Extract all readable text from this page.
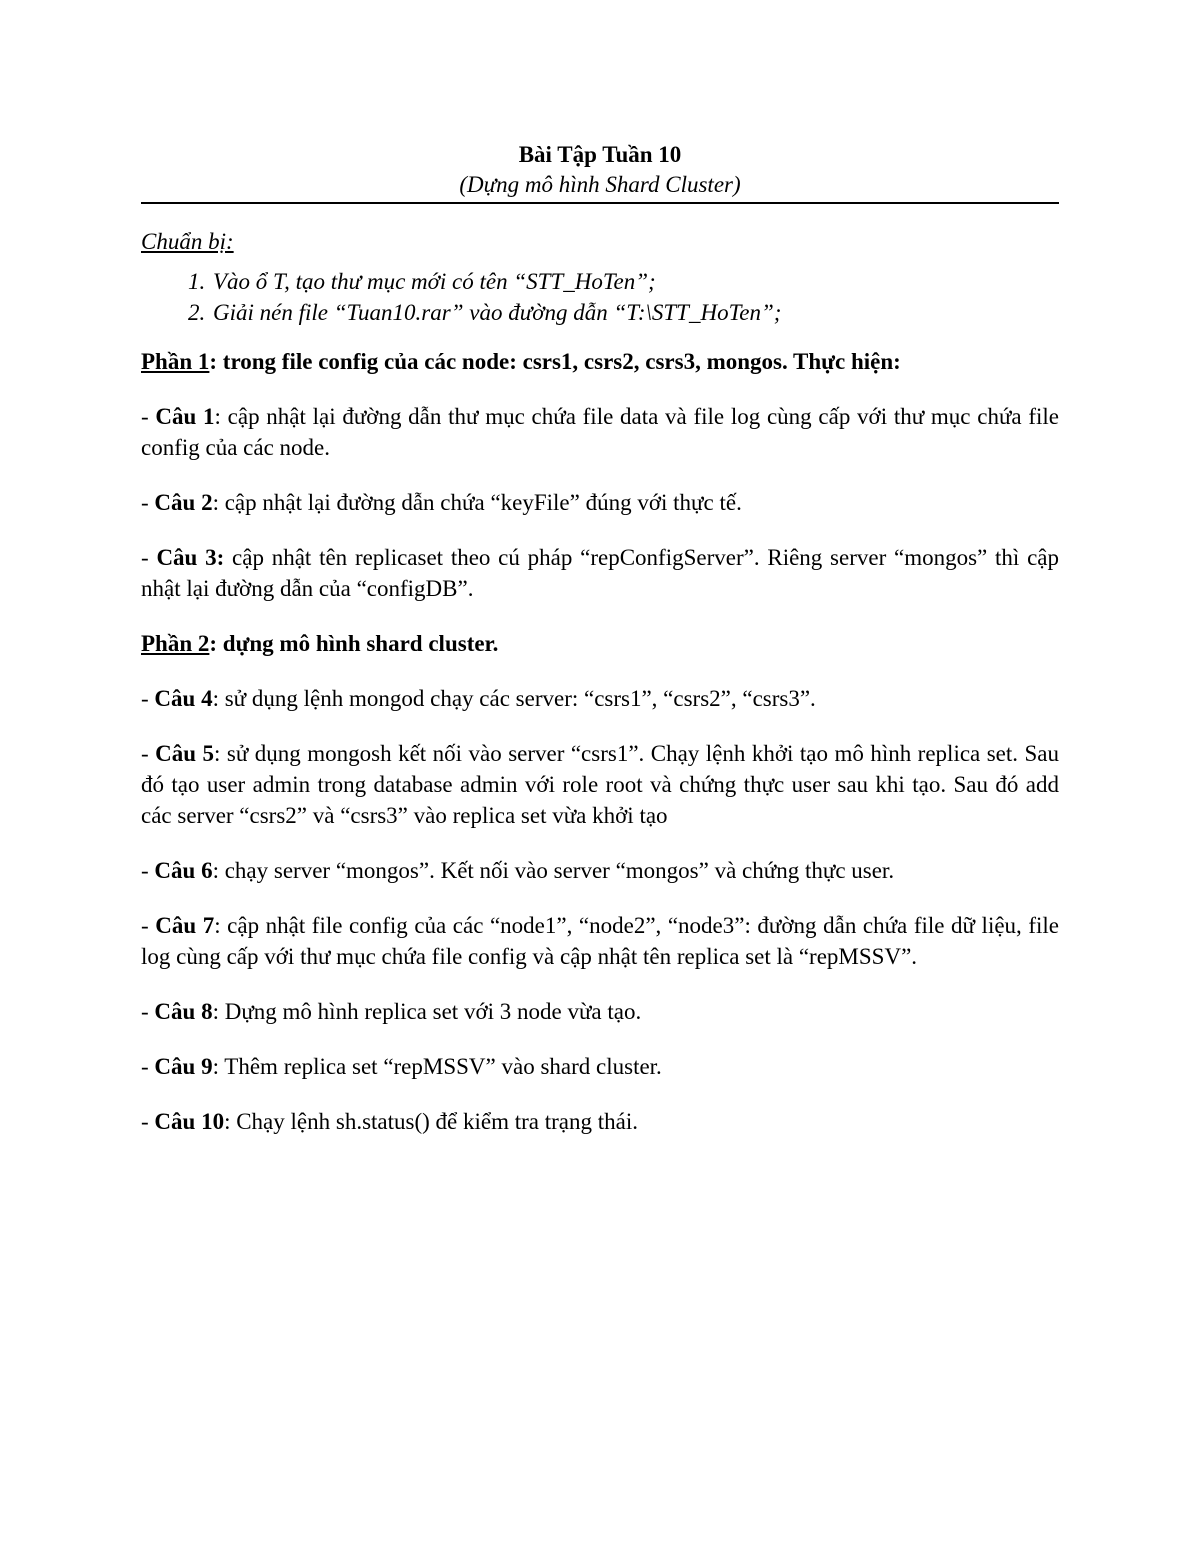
Bài Tập Tuần 10
(Dựng mô hình Shard Cluster)
Chuẩn bị:
1. Vào ổ T, tạo thư mục mới có tên “STT_HoTen”;
2. Giải nén file “Tuan10.rar” vào đường dẫn “T:\STT_HoTen”;
Phần 1: trong file config của các node: csrs1, csrs2, csrs3, mongos. Thực hiện:
- Câu 1: cập nhật lại đường dẫn thư mục chứa file data và file log cùng cấp với thư mục chứa file config của các node.
- Câu 2: cập nhật lại đường dẫn chứa “keyFile” đúng với thực tế.
- Câu 3: cập nhật tên replicaset theo cú pháp “repConfigServer”. Riêng server “mongos” thì cập nhật lại đường dẫn của “configDB”.
Phần 2: dựng mô hình shard cluster.
- Câu 4: sử dụng lệnh mongod chạy các server: “csrs1”, “csrs2”, “csrs3”.
- Câu 5: sử dụng mongosh kết nối vào server “csrs1”. Chạy lệnh khởi tạo mô hình replica set. Sau đó tạo user admin trong database admin với role root và chứng thực user sau khi tạo. Sau đó add các server “csrs2” và “csrs3” vào replica set vừa khởi tạo
- Câu 6: chạy server “mongos”. Kết nối vào server “mongos” và chứng thực user.
- Câu 7: cập nhật file config của các “node1”, “node2”, “node3”: đường dẫn chứa file dữ liệu, file log cùng cấp với thư mục chứa file config và cập nhật tên replica set là “repMSSV”.
- Câu 8: Dựng mô hình replica set với 3 node vừa tạo.
- Câu 9: Thêm replica set “repMSSV” vào shard cluster.
- Câu 10: Chạy lệnh sh.status() để kiểm tra trạng thái.
